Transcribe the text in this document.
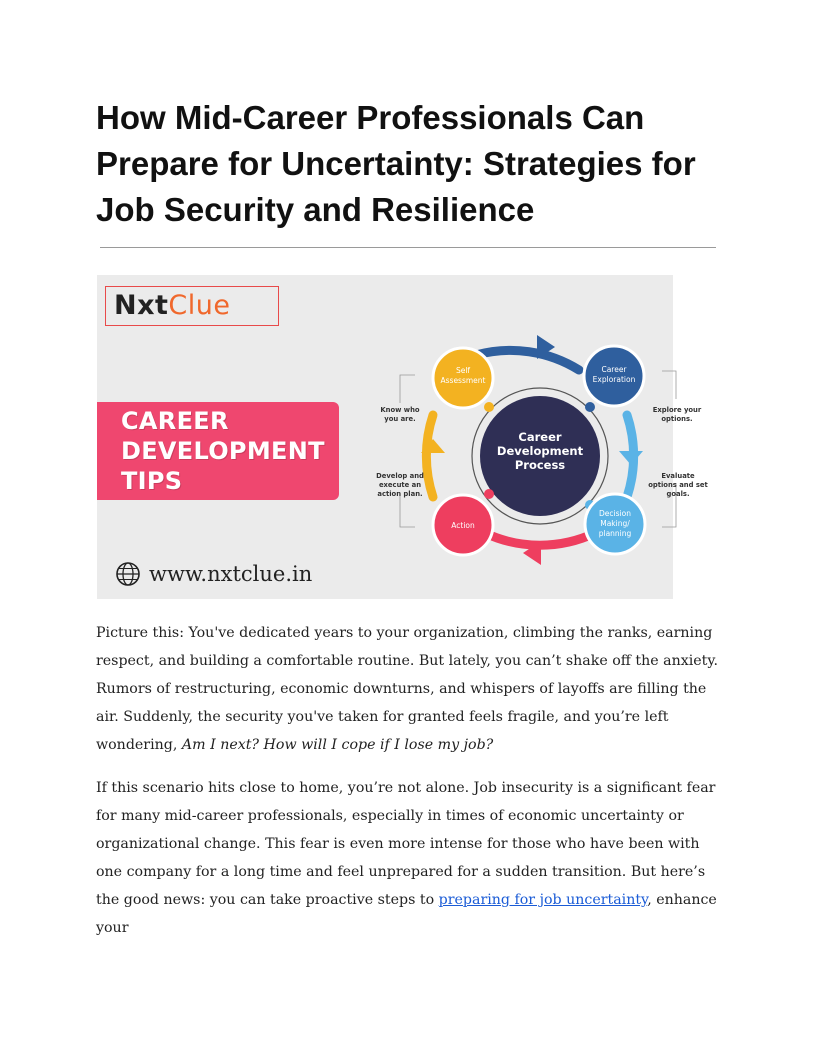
How Mid-Career Professionals Can Prepare for Uncertainty: Strategies for Job Security and Resilience
NxtClue
CAREER
DEVELOPMENT
TIPS
Career
Development
Process
Self
Assessment
Career
Exploration
Decision
Making/
planning
Action
Know who
you are.
Explore your
options.
Evaluate
options and set
goals.
Develop and
execute an
action plan.
www.nxtclue.in

Picture this: You've dedicated years to your organization, climbing the ranks, earning respect, and building a comfortable routine. But lately, you can’t shake off the anxiety. Rumors of restructuring, economic downturns, and whispers of layoffs are filling the air. Suddenly, the security you've taken for granted feels fragile, and you’re left wondering, Am I next? How will I cope if I lose my job?

If this scenario hits close to home, you’re not alone. Job insecurity is a significant fear for many mid-career professionals, especially in times of economic uncertainty or organizational change. This fear is even more intense for those who have been with one company for a long time and feel unprepared for a sudden transition. But here’s the good news: you can take proactive steps to preparing for job uncertainty, enhance your
